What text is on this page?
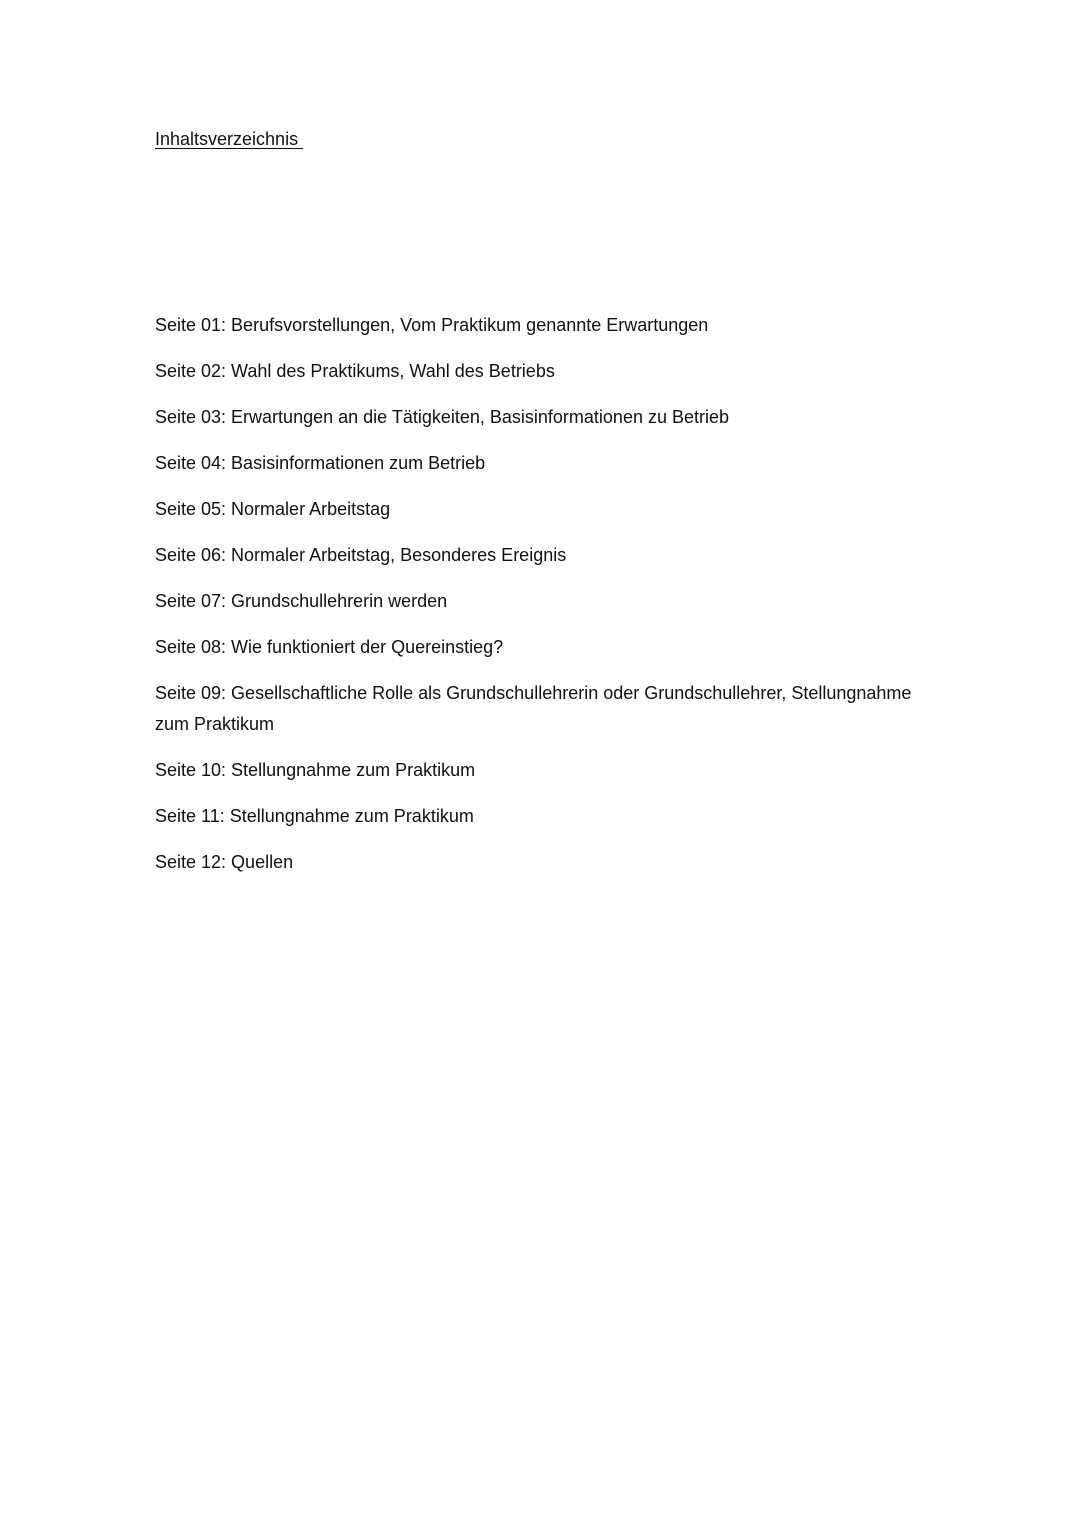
Inhaltsverzeichnis
Seite 01: Berufsvorstellungen, Vom Praktikum genannte Erwartungen
Seite 02: Wahl des Praktikums, Wahl des Betriebs
Seite 03: Erwartungen an die Tätigkeiten, Basisinformationen zu Betrieb
Seite 04: Basisinformationen zum Betrieb
Seite 05: Normaler Arbeitstag
Seite 06: Normaler Arbeitstag, Besonderes Ereignis
Seite 07: Grundschullehrerin werden
Seite 08: Wie funktioniert der Quereinstieg?
Seite 09: Gesellschaftliche Rolle als Grundschullehrerin oder Grundschullehrer, Stellungnahme zum Praktikum
Seite 10: Stellungnahme zum Praktikum
Seite 11: Stellungnahme zum Praktikum
Seite 12: Quellen
